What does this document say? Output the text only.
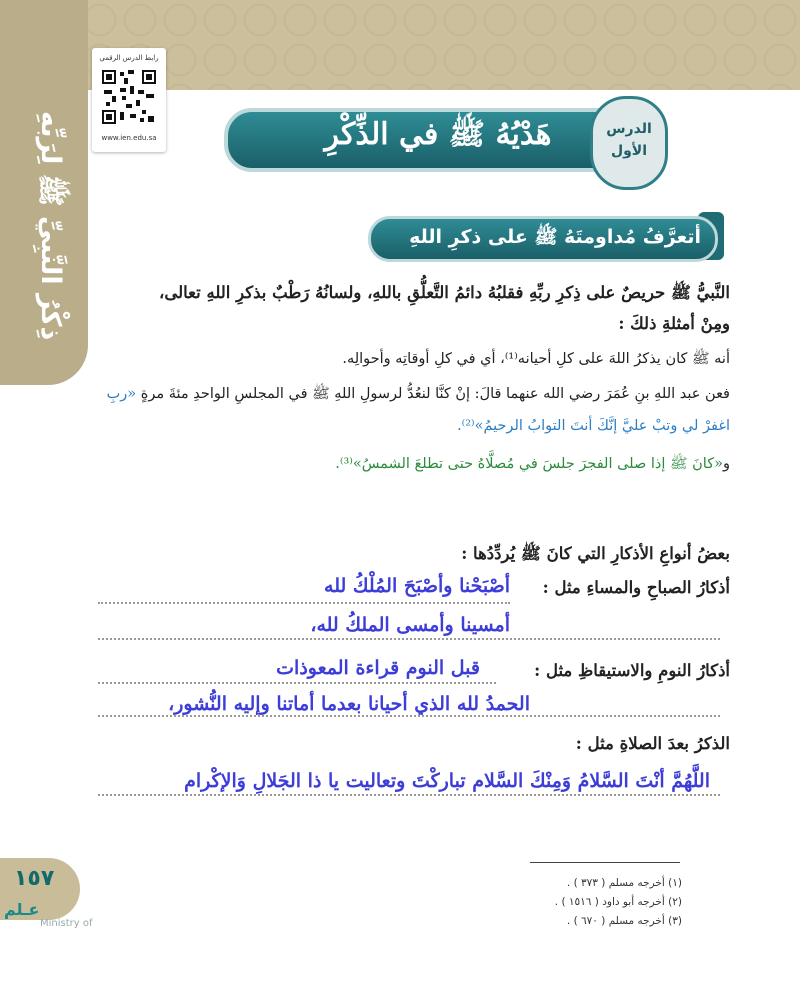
ذِكْرُ النَّبِيِّ ﷺ لِرَبِّهِ
رابط الدرس الرقمي
www.ien.edu.sa	هَدْيُهُ ﷺ في الذِّكْرِ	الدرس
الأول
أتعرَّفُ مُداومتَهُ ﷺ على ذكرِ اللهِ
النَّبيُّ ﷺ حريصٌ على ذِكرِ ربِّهِ فقلبُهُ دائمُ التَّعلُّقِ باللهِ، ولسانُهُ رَطْبٌ بذكرِ اللهِ تعالى،
ومِنْ أمثلةِ ذلكَ :
أنه ﷺ كان يذكرُ اللهَ على كلِ أحيانه⁽¹⁾، أي في كلِ أوقاتِه وأحوالِه.
فعن عبد اللهِ بنِ عُمَرَ رضي الله عنهما قالَ: إنْ كنَّا لنعُدُّ لرسولِ اللهِ ﷺ في المجلسِ الواحدِ مئةَ مرةٍ «ربِ
اغفرْ لي وتبْ عليَّ إنَّكَ أنتَ التوابُ الرحيمُ»⁽²⁾.
و«كانَ ﷺ إذا صلى الفجرَ جلسَ في مُصلَّاهُ حتى تطلعَ الشمسُ»⁽³⁾.
بعضُ أنواعِ الأذكارِ التي كانَ ﷺ يُردِّدُها :
أذكارُ الصباحِ والمساءِ مثل :
أصْبَحْنا وأصْبَحَ المُلْكُ لله
أمسينا وأمسى الملكُ لله،
أذكارُ النومِ والاستيقاظِ مثل :
قبل النوم قراءة المعوذات
الحمدُ لله الذي أحيانا بعدما أماتنا وإليه النُّشور،
الذكرُ بعدَ الصلاةِ مثل :
اللَّهُمَّ أنْتَ السَّلامُ وَمِنْكَ السَّلام تباركْتَ وتعاليت يا ذا الجَلالِ وَالإكْرام
(١) أخرجه مسلم ( ٣٧٣ ) .
(٢) أخرجه أبو داود ( ١٥١٦ ) .
(٣) أخرجه مسلم ( ٦٧٠ ) .
١٥٧
عـلم
Ministry of
